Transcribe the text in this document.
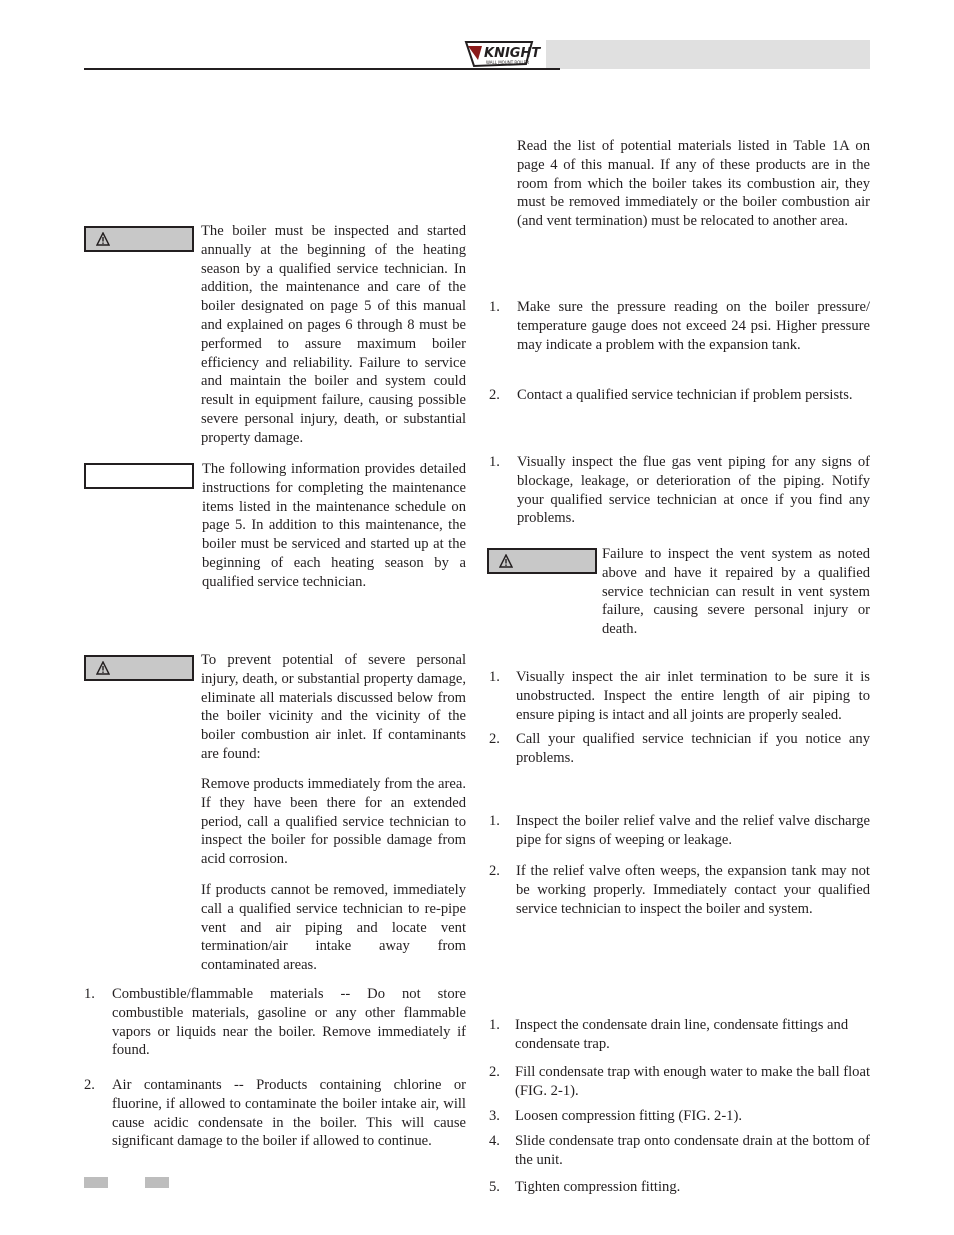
KNIGHT
WALL MOUNT BOILER

The boiler must be inspected and started annually at the beginning of the heating season by a qualified service technician. In addition, the maintenance and care of the boiler designated on page 5 of this manual and explained on pages 6 through 8 must be performed to assure maximum boiler efficiency and reliability. Failure to service and maintain the boiler and system could result in equipment failure, causing possible severe personal injury, death, or substantial property damage.

The following information provides detailed instructions for completing the maintenance items listed in the maintenance schedule on page 5. In addition to this maintenance, the boiler must be serviced and started up at the beginning of each heating season by a qualified service technician.

To prevent potential of severe personal injury, death, or substantial property damage, eliminate all materials discussed below from the boiler vicinity and the vicinity of the boiler combustion air inlet. If contaminants are found:

Remove products immediately from the area. If they have been there for an extended period, call a qualified service technician to inspect the boiler for possible damage from acid corrosion.

If products cannot be removed, immediately call a qualified service technician to re-pipe vent and air piping and locate vent termination/air intake away from contaminated areas.

1. Combustible/flammable materials -- Do not store combustible materials, gasoline or any other flammable vapors or liquids near the boiler. Remove immediately if found.

2. Air contaminants -- Products containing chlorine or fluorine, if allowed to contaminate the boiler intake air, will cause acidic condensate in the boiler. This will cause significant damage to the boiler if allowed to continue.

Read the list of potential materials listed in Table 1A on page 4 of this manual. If any of these products are in the room from which the boiler takes its combustion air, they must be removed immediately or the boiler combustion air (and vent termination) must be relocated to another area.

1. Make sure the pressure reading on the boiler pressure/ temperature gauge does not exceed 24 psi. Higher pressure may indicate a problem with the expansion tank.

2. Contact a qualified service technician if problem persists.

1. Visually inspect the flue gas vent piping for any signs of blockage, leakage, or deterioration of the piping. Notify your qualified service technician at once if you find any problems.

Failure to inspect the vent system as noted above and have it repaired by a qualified service technician can result in vent system failure, causing severe personal injury or death.

1. Visually inspect the air inlet termination to be sure it is unobstructed. Inspect the entire length of air piping to ensure piping is intact and all joints are properly sealed.

2. Call your qualified service technician if you notice any problems.

1. Inspect the boiler relief valve and the relief valve discharge pipe for signs of weeping or leakage.

2. If the relief valve often weeps, the expansion tank may not be working properly. Immediately contact your qualified service technician to inspect the boiler and system.

1. Inspect the condensate drain line, condensate fittings and condensate trap.

2. Fill condensate trap with enough water to make the ball float (FIG. 2-1).

3. Loosen compression fitting (FIG. 2-1).

4. Slide condensate trap onto condensate drain at the bottom of the unit.

5. Tighten compression fitting.
